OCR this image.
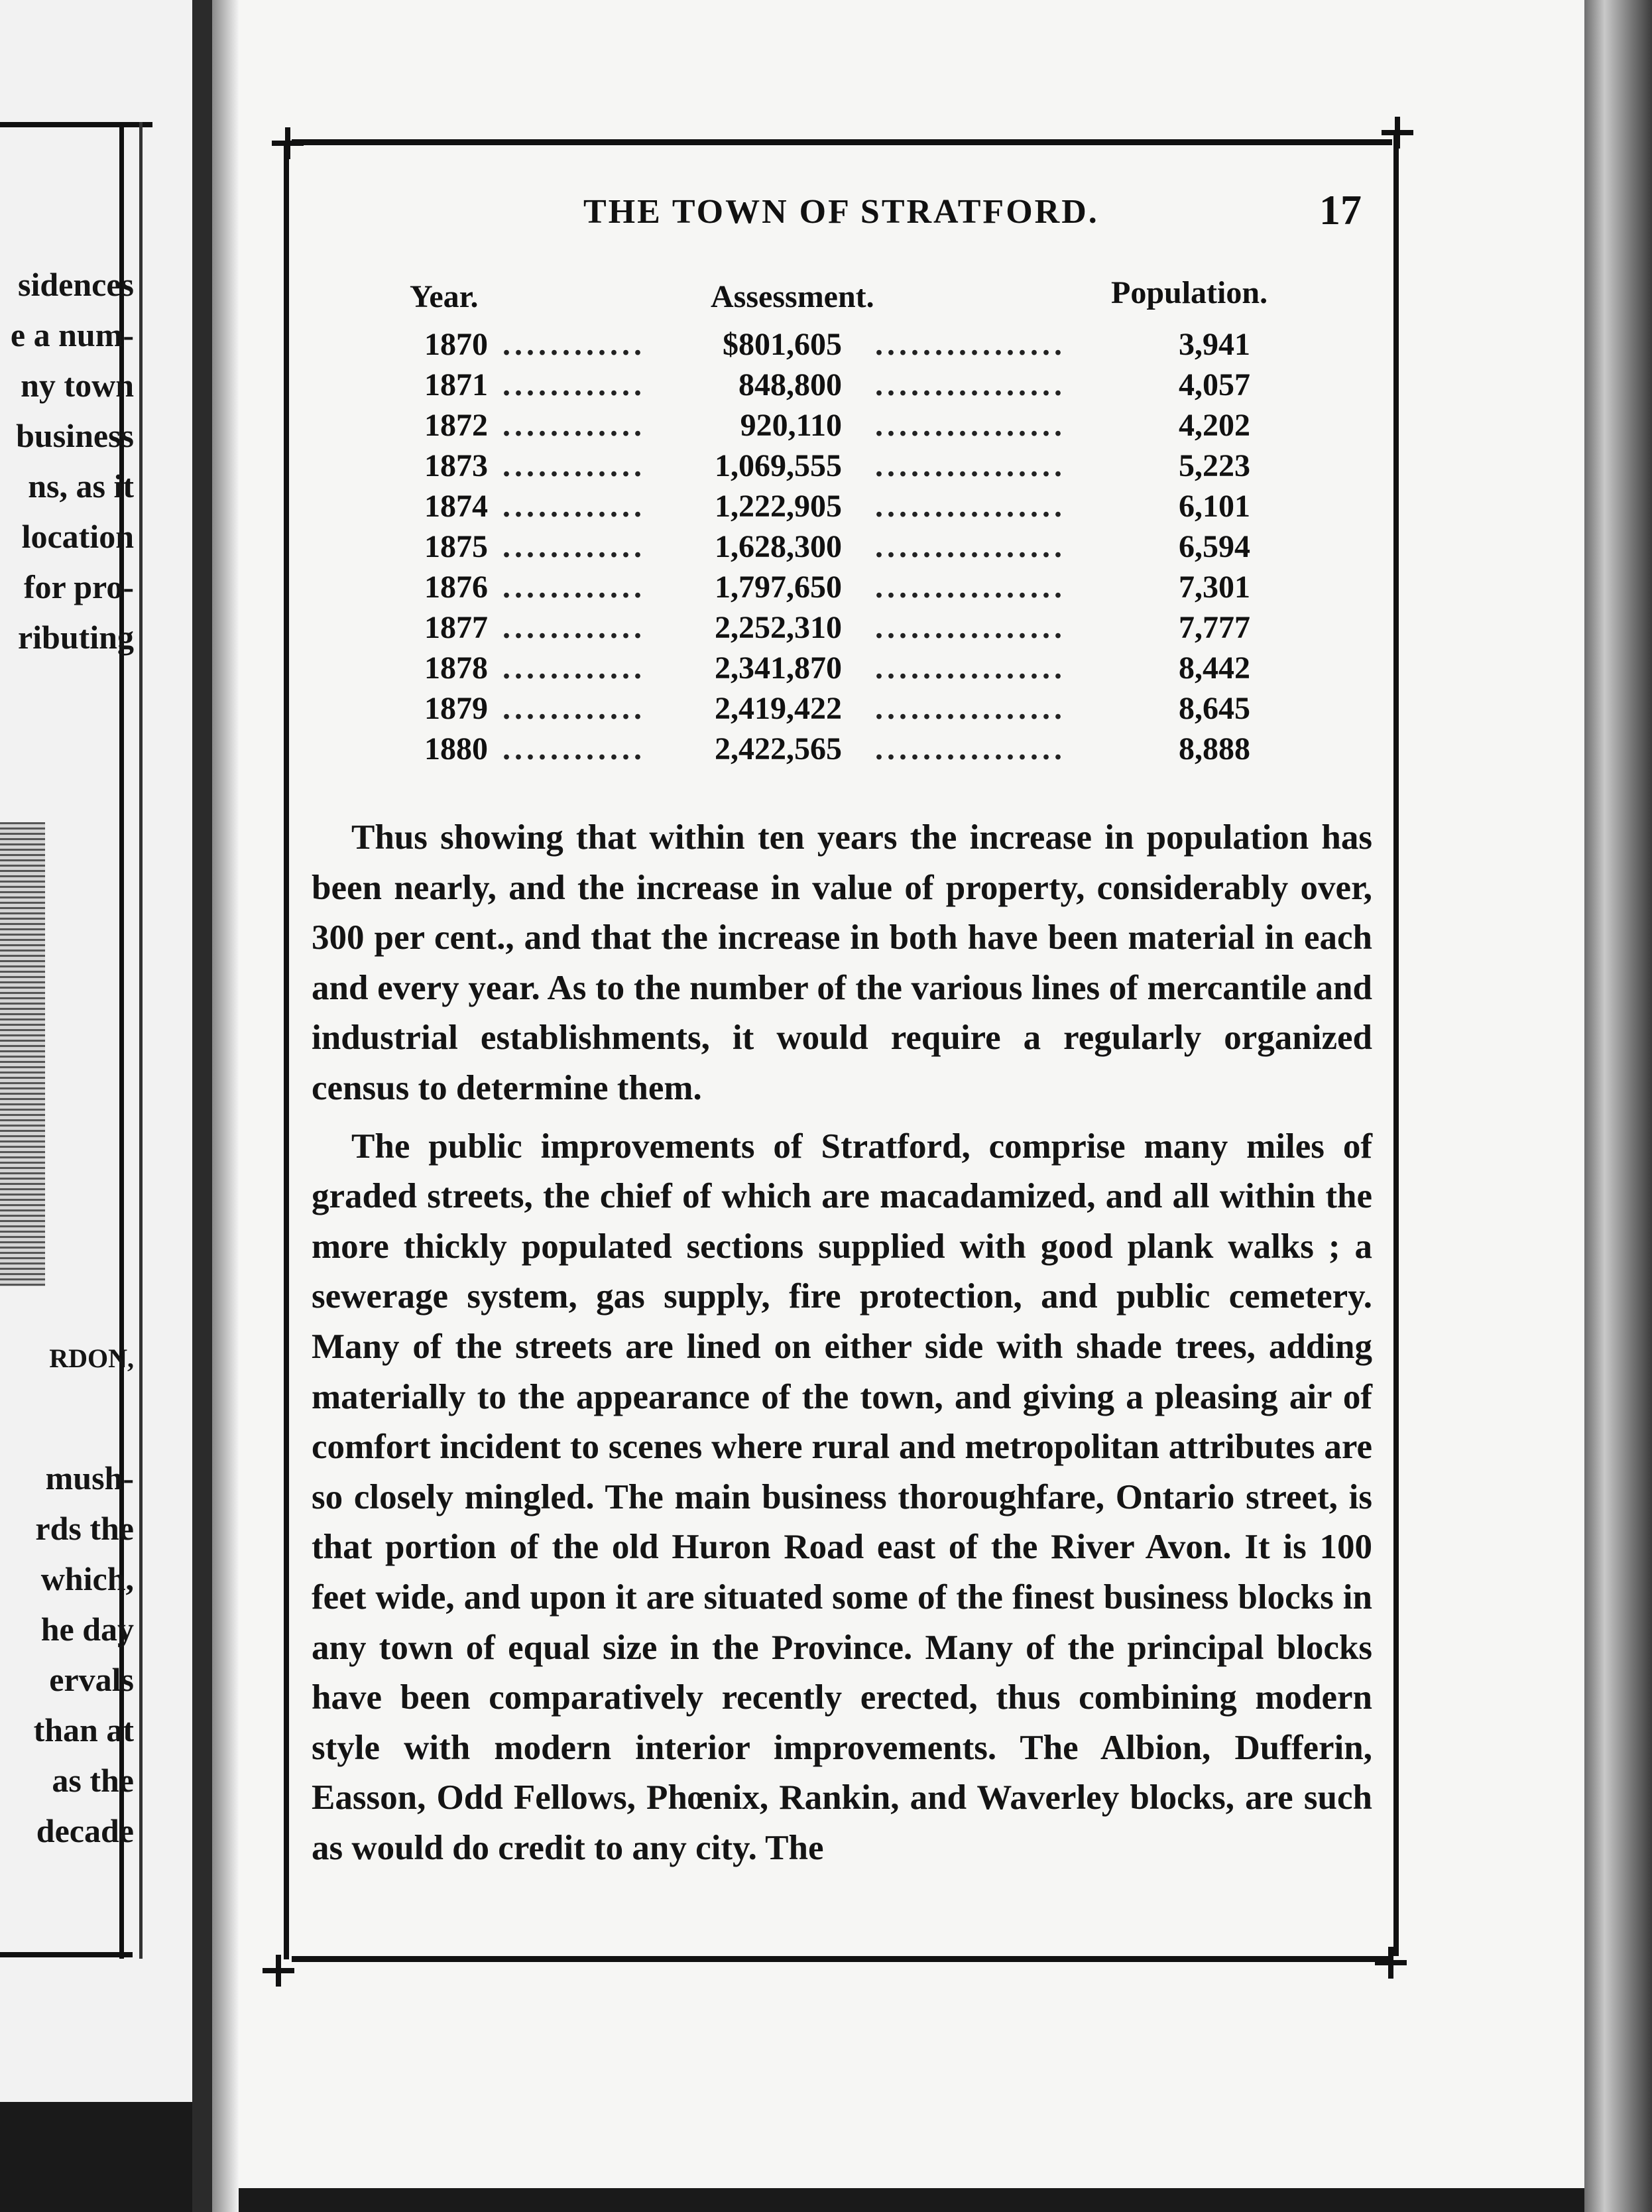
sidences
e a num-
ny town
business
ns, as it
location
for pro-
ributing
RDON,
mush-
rds the
which,
he day
ervals
than at
as the
decade
THE TOWN OF STRATFORD.	17
Year.	Assessment.	Population.
1870 ............ $801,605 ................	3,941
1871 ............	848,800 ................	4,057
1872 ............	920,110 ................	4,202
1873 ............ 1,069,555 ................	5,223
1874 ............ 1,222,905 ................	6,101
1875 ............ 1,628,300 ................	6,594
1876 ............ 1,797,650 ................	7,301
1877 ............ 2,252,310 ................	7,777
1878 ............ 2,341,870 ................	8,442
1879 ............ 2,419,422 ................	8,645
1880 ............ 2,422,565 ................	8,888

Thus showing that within ten years the increase in population has been nearly, and the increase in value of property, considerably over, 300 per cent., and that the increase in both have been material in each and every year. As to the number of the various lines of mercantile and industrial establishments, it would require a regularly organized census to determine them.

The public improvements of Stratford, comprise many miles of graded streets, the chief of which are macadamized, and all within the more thickly populated sections supplied with good plank walks ; a sewerage system, gas supply, fire protection, and public cemetery. Many of the streets are lined on either side with shade trees, adding materially to the appearance of the town, and giving a pleasing air of comfort incident to scenes where rural and metropolitan attributes are so closely mingled. The main business thoroughfare, Ontario street, is that portion of the old Huron Road east of the River Avon. It is 100 feet wide, and upon it are situated some of the finest business blocks in any town of equal size in the Province. Many of the principal blocks have been comparatively recently erected, thus combining modern style with modern interior improvements. The Albion, Dufferin, Easson, Odd Fellows, Phœnix, Rankin, and Waverley blocks, are such as would do credit to any city. The
